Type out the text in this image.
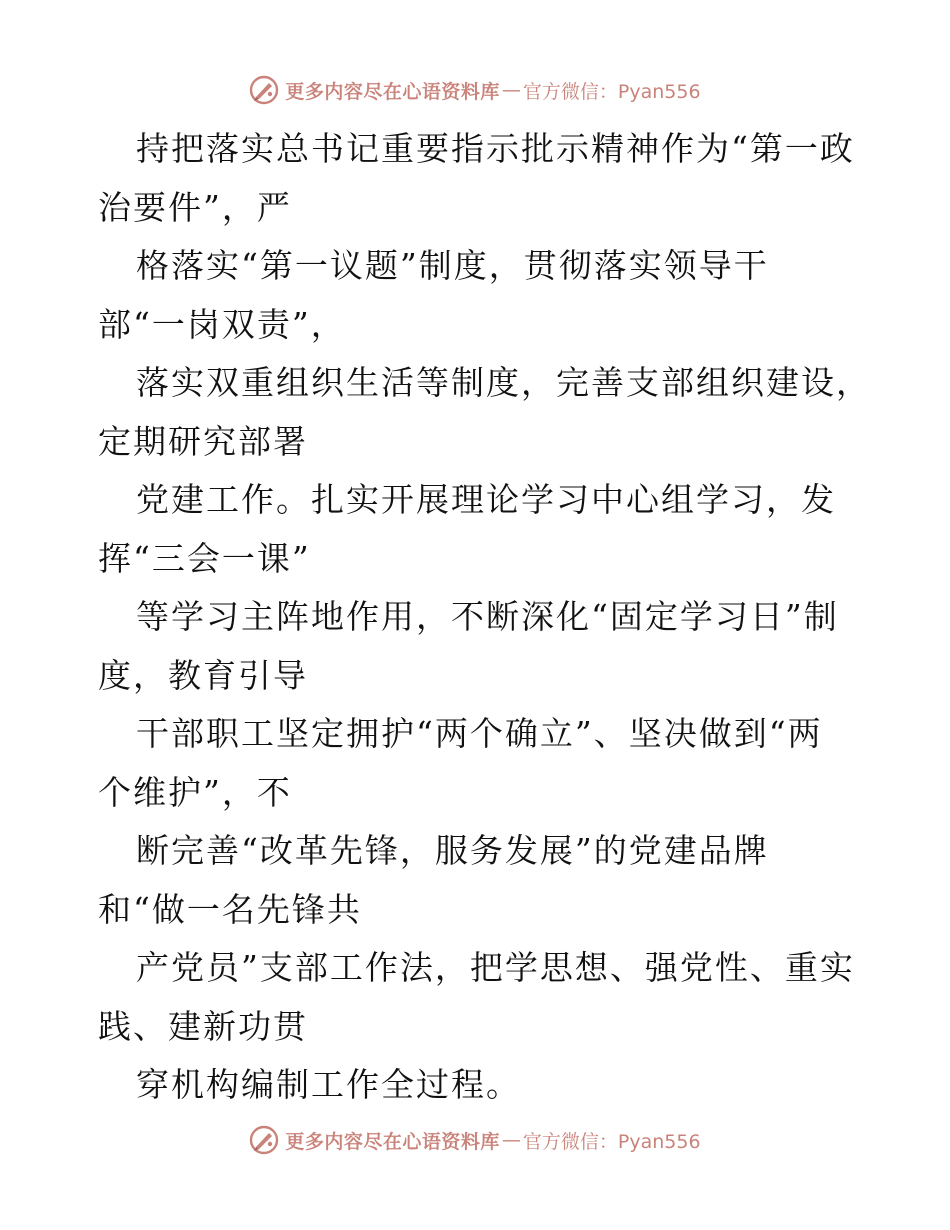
更多内容尽在心语资料库 — 官方微信：Pyan556
持把落实总书记重要指示批示精神作为“第一政
治要件”，严
格落实“第一议题”制度，贯彻落实领导干
部“一岗双责”，
落实双重组织生活等制度，完善支部组织建设，
定期研究部署
党建工作。扎实开展理论学习中心组学习，发
挥“三会一课”
等学习主阵地作用，不断深化“固定学习日”制
度，教育引导
干部职工坚定拥护“两个确立”、坚决做到“两
个维护”，不
断完善“改革先锋，服务发展”的党建品牌
和“做一名先锋共
产党员”支部工作法，把学思想、强党性、重实
践、建新功贯
穿机构编制工作全过程。
更多内容尽在心语资料库 — 官方微信：Pyan556
